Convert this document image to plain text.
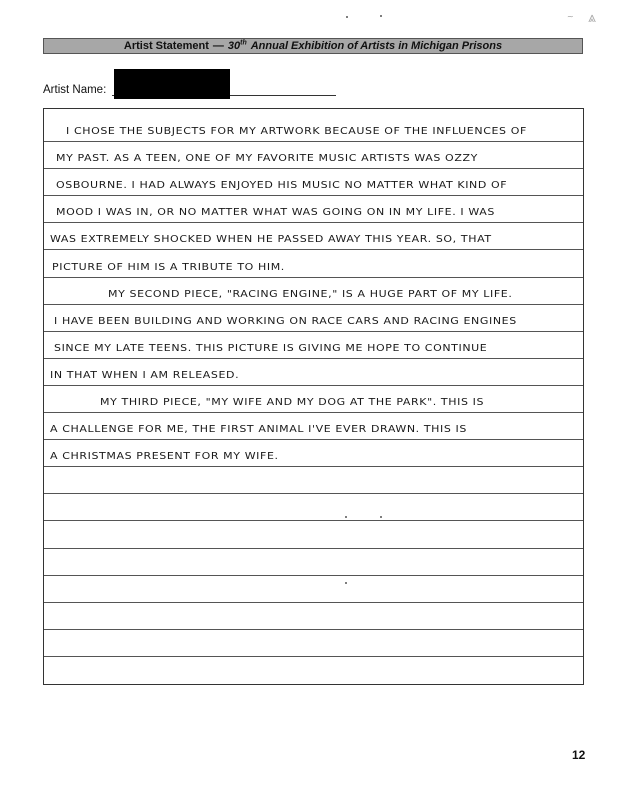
~ ⩓
Artist Statement — 30th Annual Exhibition of Artists in Michigan Prisons
Artist Name:
I CHOSE THE SUBJECTS FOR MY ARTWORK BECAUSE OF THE INFLUENCES OF
MY PAST. AS A TEEN, ONE OF MY FAVORITE MUSIC ARTISTS WAS OZZY
OSBOURNE. I HAD ALWAYS ENJOYED HIS MUSIC NO MATTER WHAT KIND OF
MOOD I WAS IN, OR NO MATTER WHAT WAS GOING ON IN MY LIFE. I WAS
WAS EXTREMELY SHOCKED WHEN HE PASSED AWAY THIS YEAR. SO, THAT
PICTURE OF HIM IS A TRIBUTE TO HIM.
MY SECOND PIECE, "RACING ENGINE," IS A HUGE PART OF MY LIFE.
I HAVE BEEN BUILDING AND WORKING ON RACE CARS AND RACING ENGINES
SINCE MY LATE TEENS. THIS PICTURE IS GIVING ME HOPE TO CONTINUE
IN THAT WHEN I AM RELEASED.
MY THIRD PIECE, "MY WIFE AND MY DOG AT THE PARK". THIS IS
A CHALLENGE FOR ME, THE FIRST ANIMAL I'VE EVER DRAWN. THIS IS
A CHRISTMAS PRESENT FOR MY WIFE.
12
